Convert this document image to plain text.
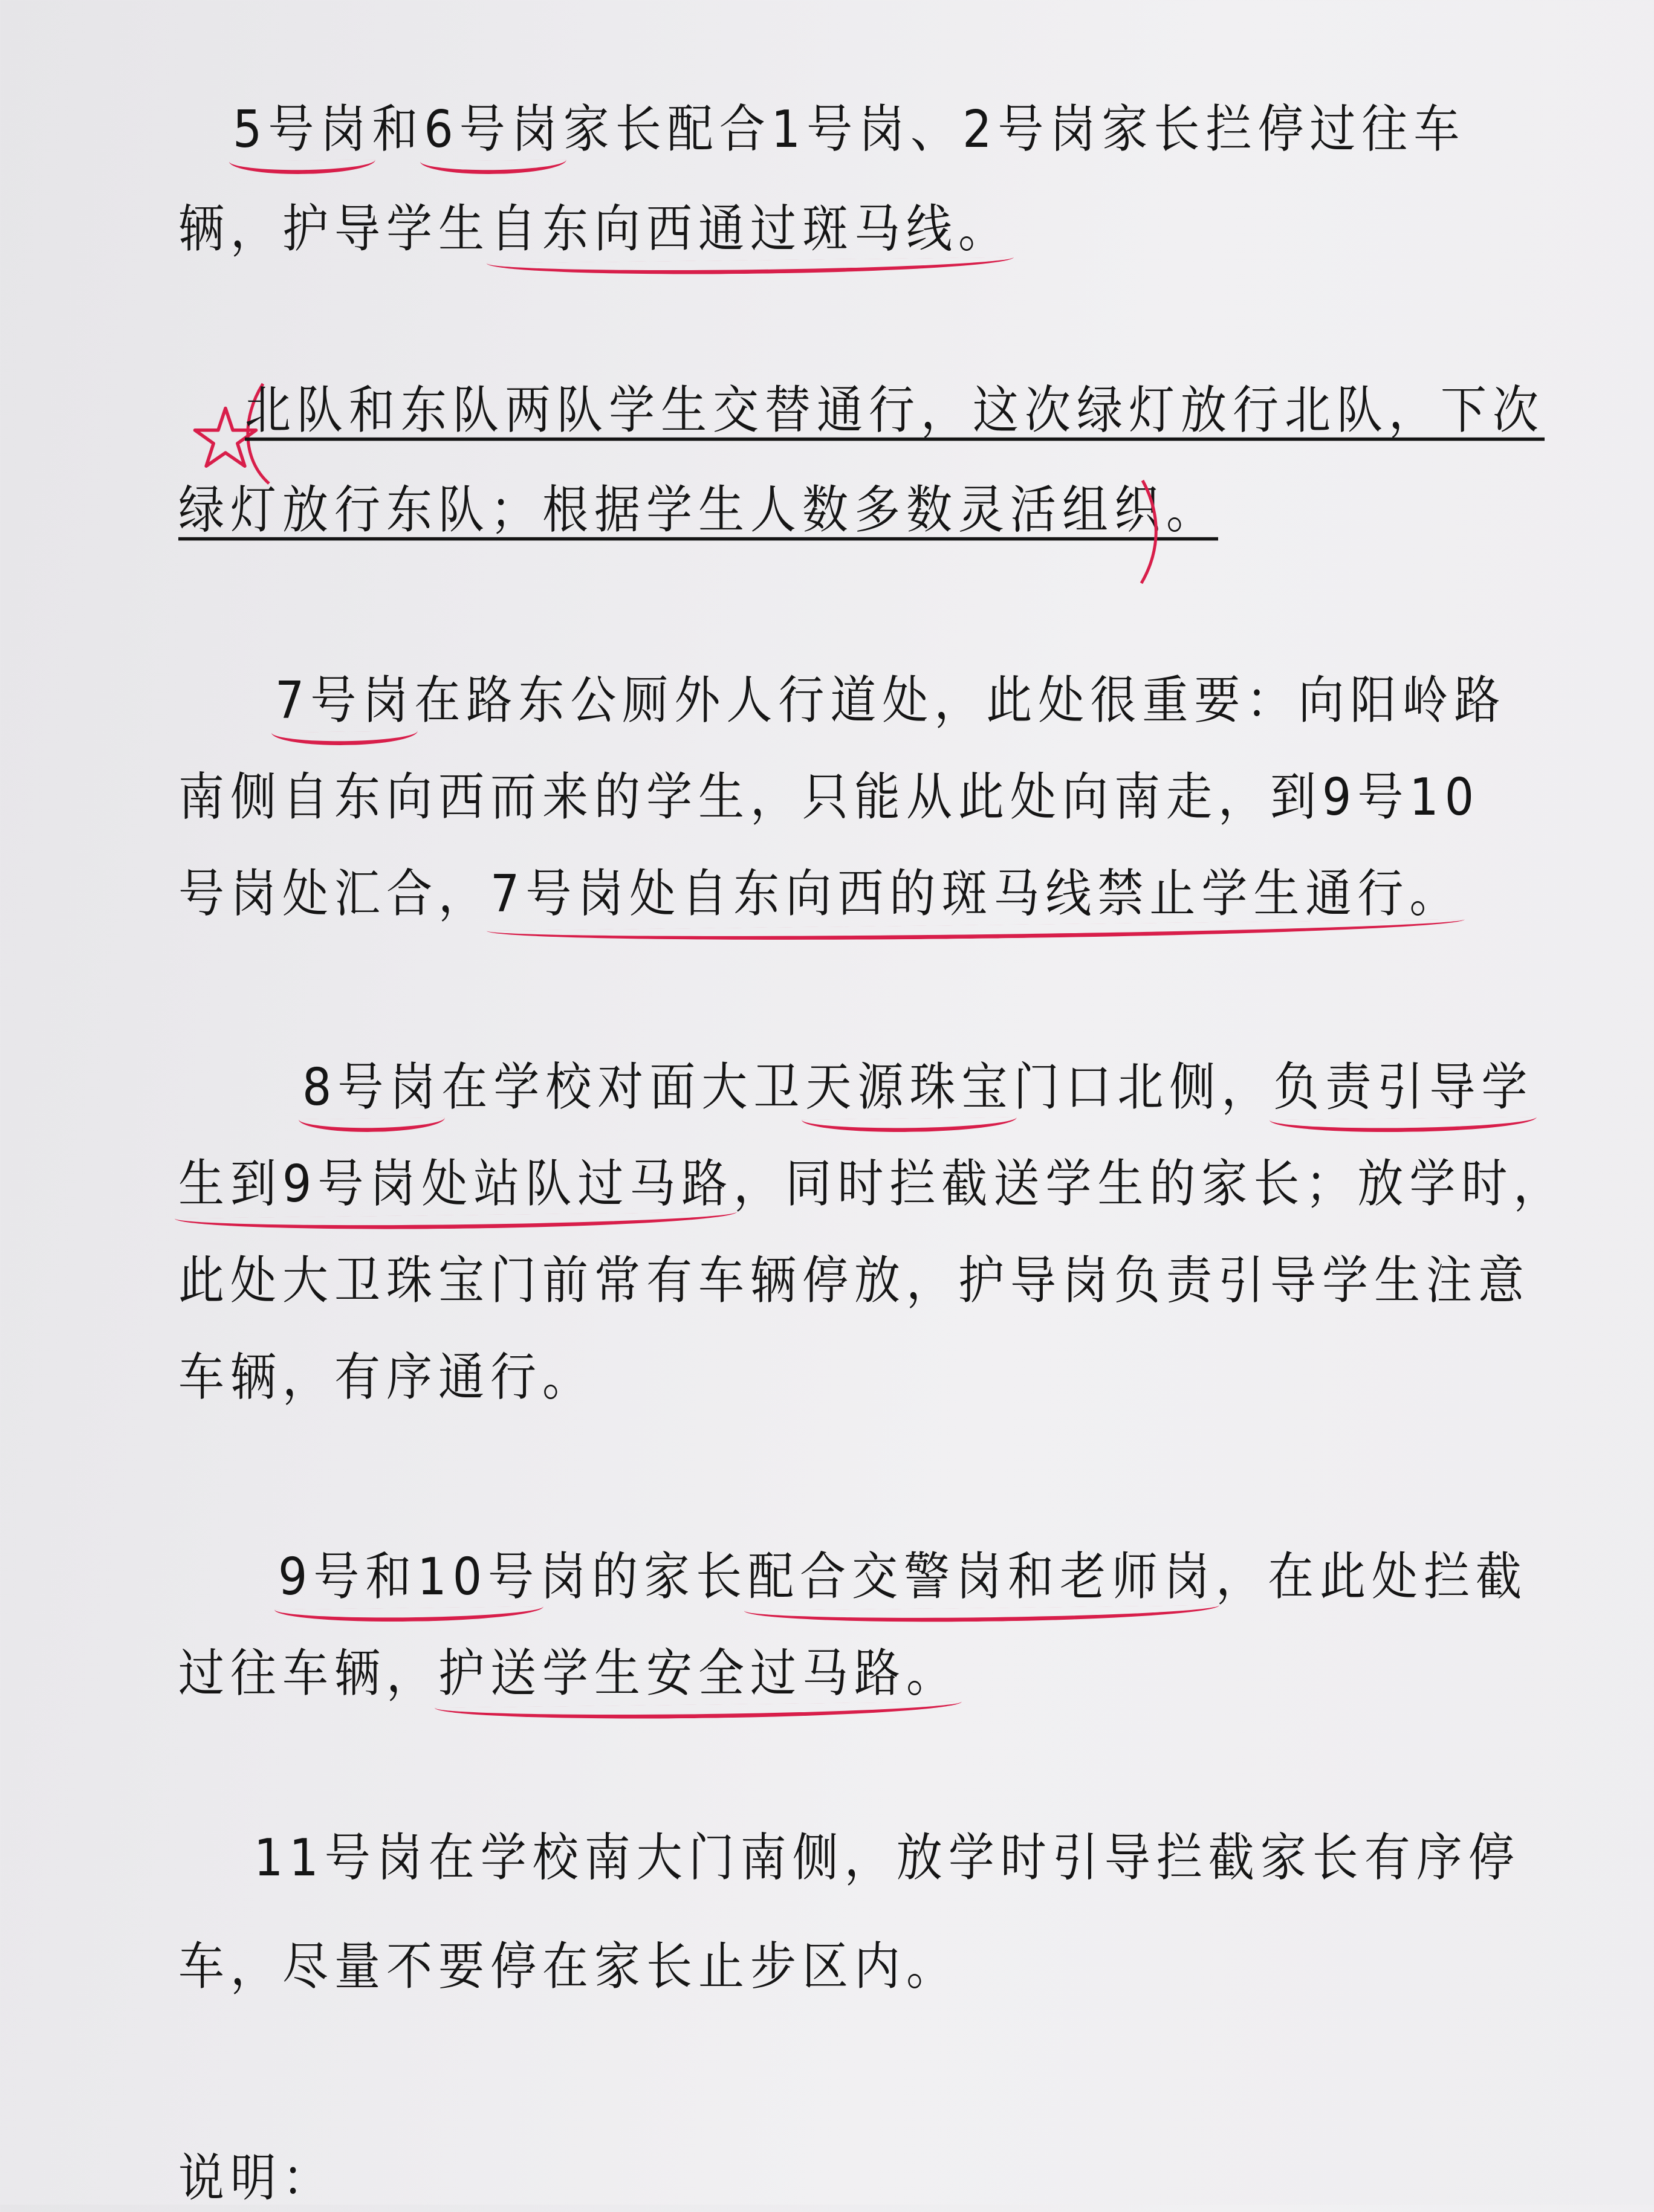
5号岗和6号岗家长配合1号岗、2号岗家长拦停过往车
辆，护导学生自东向西通过斑马线。
北队和东队两队学生交替通行，这次绿灯放行北队，下次
绿灯放行东队；根据学生人数多数灵活组织。
7号岗在路东公厕外人行道处，此处很重要：向阳岭路
南侧自东向西而来的学生，只能从此处向南走，到9号10
号岗处汇合，7号岗处自东向西的斑马线禁止学生通行。
8号岗在学校对面大卫天源珠宝门口北侧，负责引导学
生到9号岗处站队过马路，同时拦截送学生的家长；放学时，
此处大卫珠宝门前常有车辆停放，护导岗负责引导学生注意
车辆，有序通行。
9号和10号岗的家长配合交警岗和老师岗，在此处拦截
过往车辆，护送学生安全过马路。
11号岗在学校南大门南侧，放学时引导拦截家长有序停
车，尽量不要停在家长止步区内。
说明：
